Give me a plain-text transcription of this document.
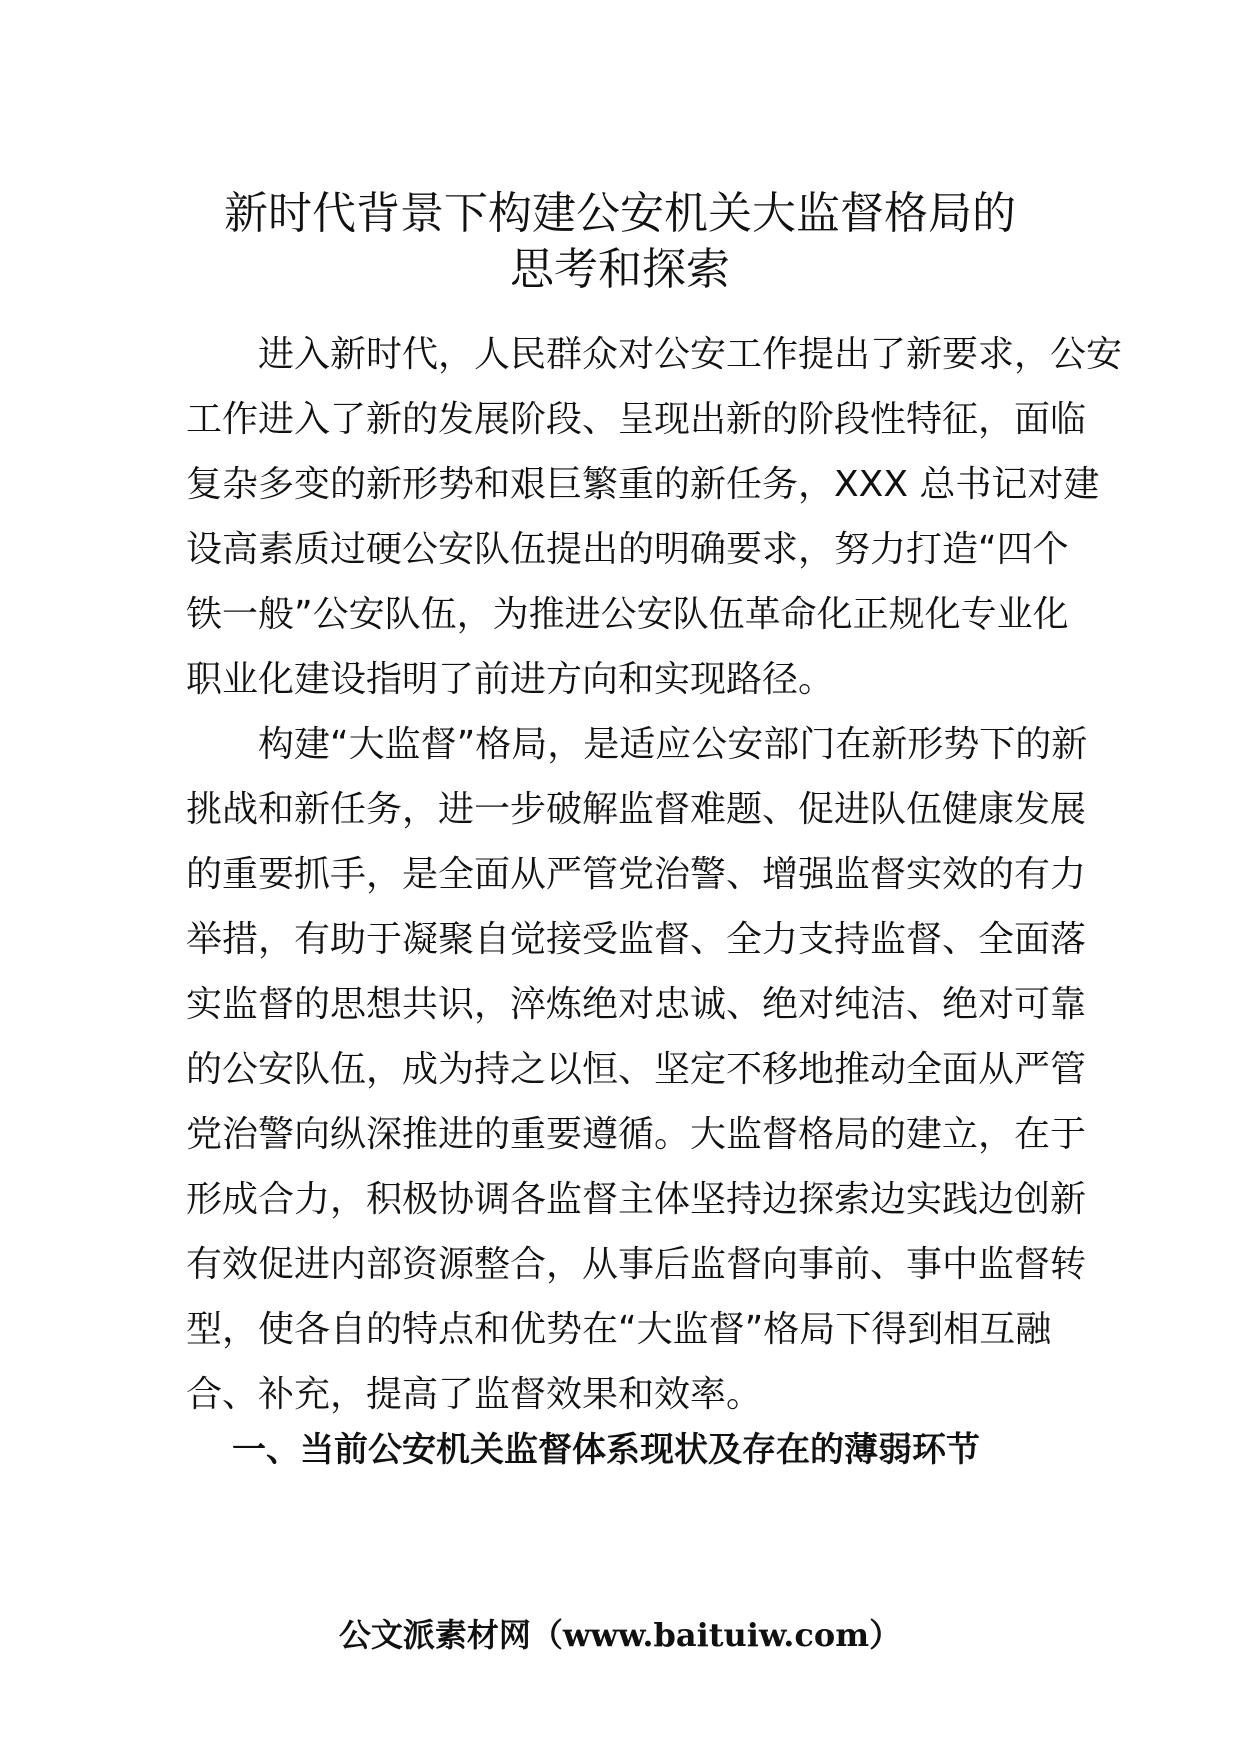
新时代背景下构建公安机关大监督格局的
思考和探索

进入新时代，人民群众对公安工作提出了新要求，公安
工作进入了新的发展阶段、呈现出新的阶段性特征，面临
复杂多变的新形势和艰巨繁重的新任务，XXX 总书记对建
设高素质过硬公安队伍提出的明确要求，努力打造“四个
铁一般”公安队伍，为推进公安队伍革命化正规化专业化
职业化建设指明了前进方向和实现路径。

构建“大监督”格局，是适应公安部门在新形势下的新
挑战和新任务，进一步破解监督难题、促进队伍健康发展
的重要抓手，是全面从严管党治警、增强监督实效的有力
举措，有助于凝聚自觉接受监督、全力支持监督、全面落
实监督的思想共识，淬炼绝对忠诚、绝对纯洁、绝对可靠
的公安队伍，成为持之以恒、坚定不移地推动全面从严管
党治警向纵深推进的重要遵循。大监督格局的建立，在于
形成合力，积极协调各监督主体坚持边探索边实践边创新
有效促进内部资源整合，从事后监督向事前、事中监督转
型，使各自的特点和优势在“大监督”格局下得到相互融
合、补充，提高了监督效果和效率。

一、当前公安机关监督体系现状及存在的薄弱环节
公文派素材网（www.baituiw.com）
